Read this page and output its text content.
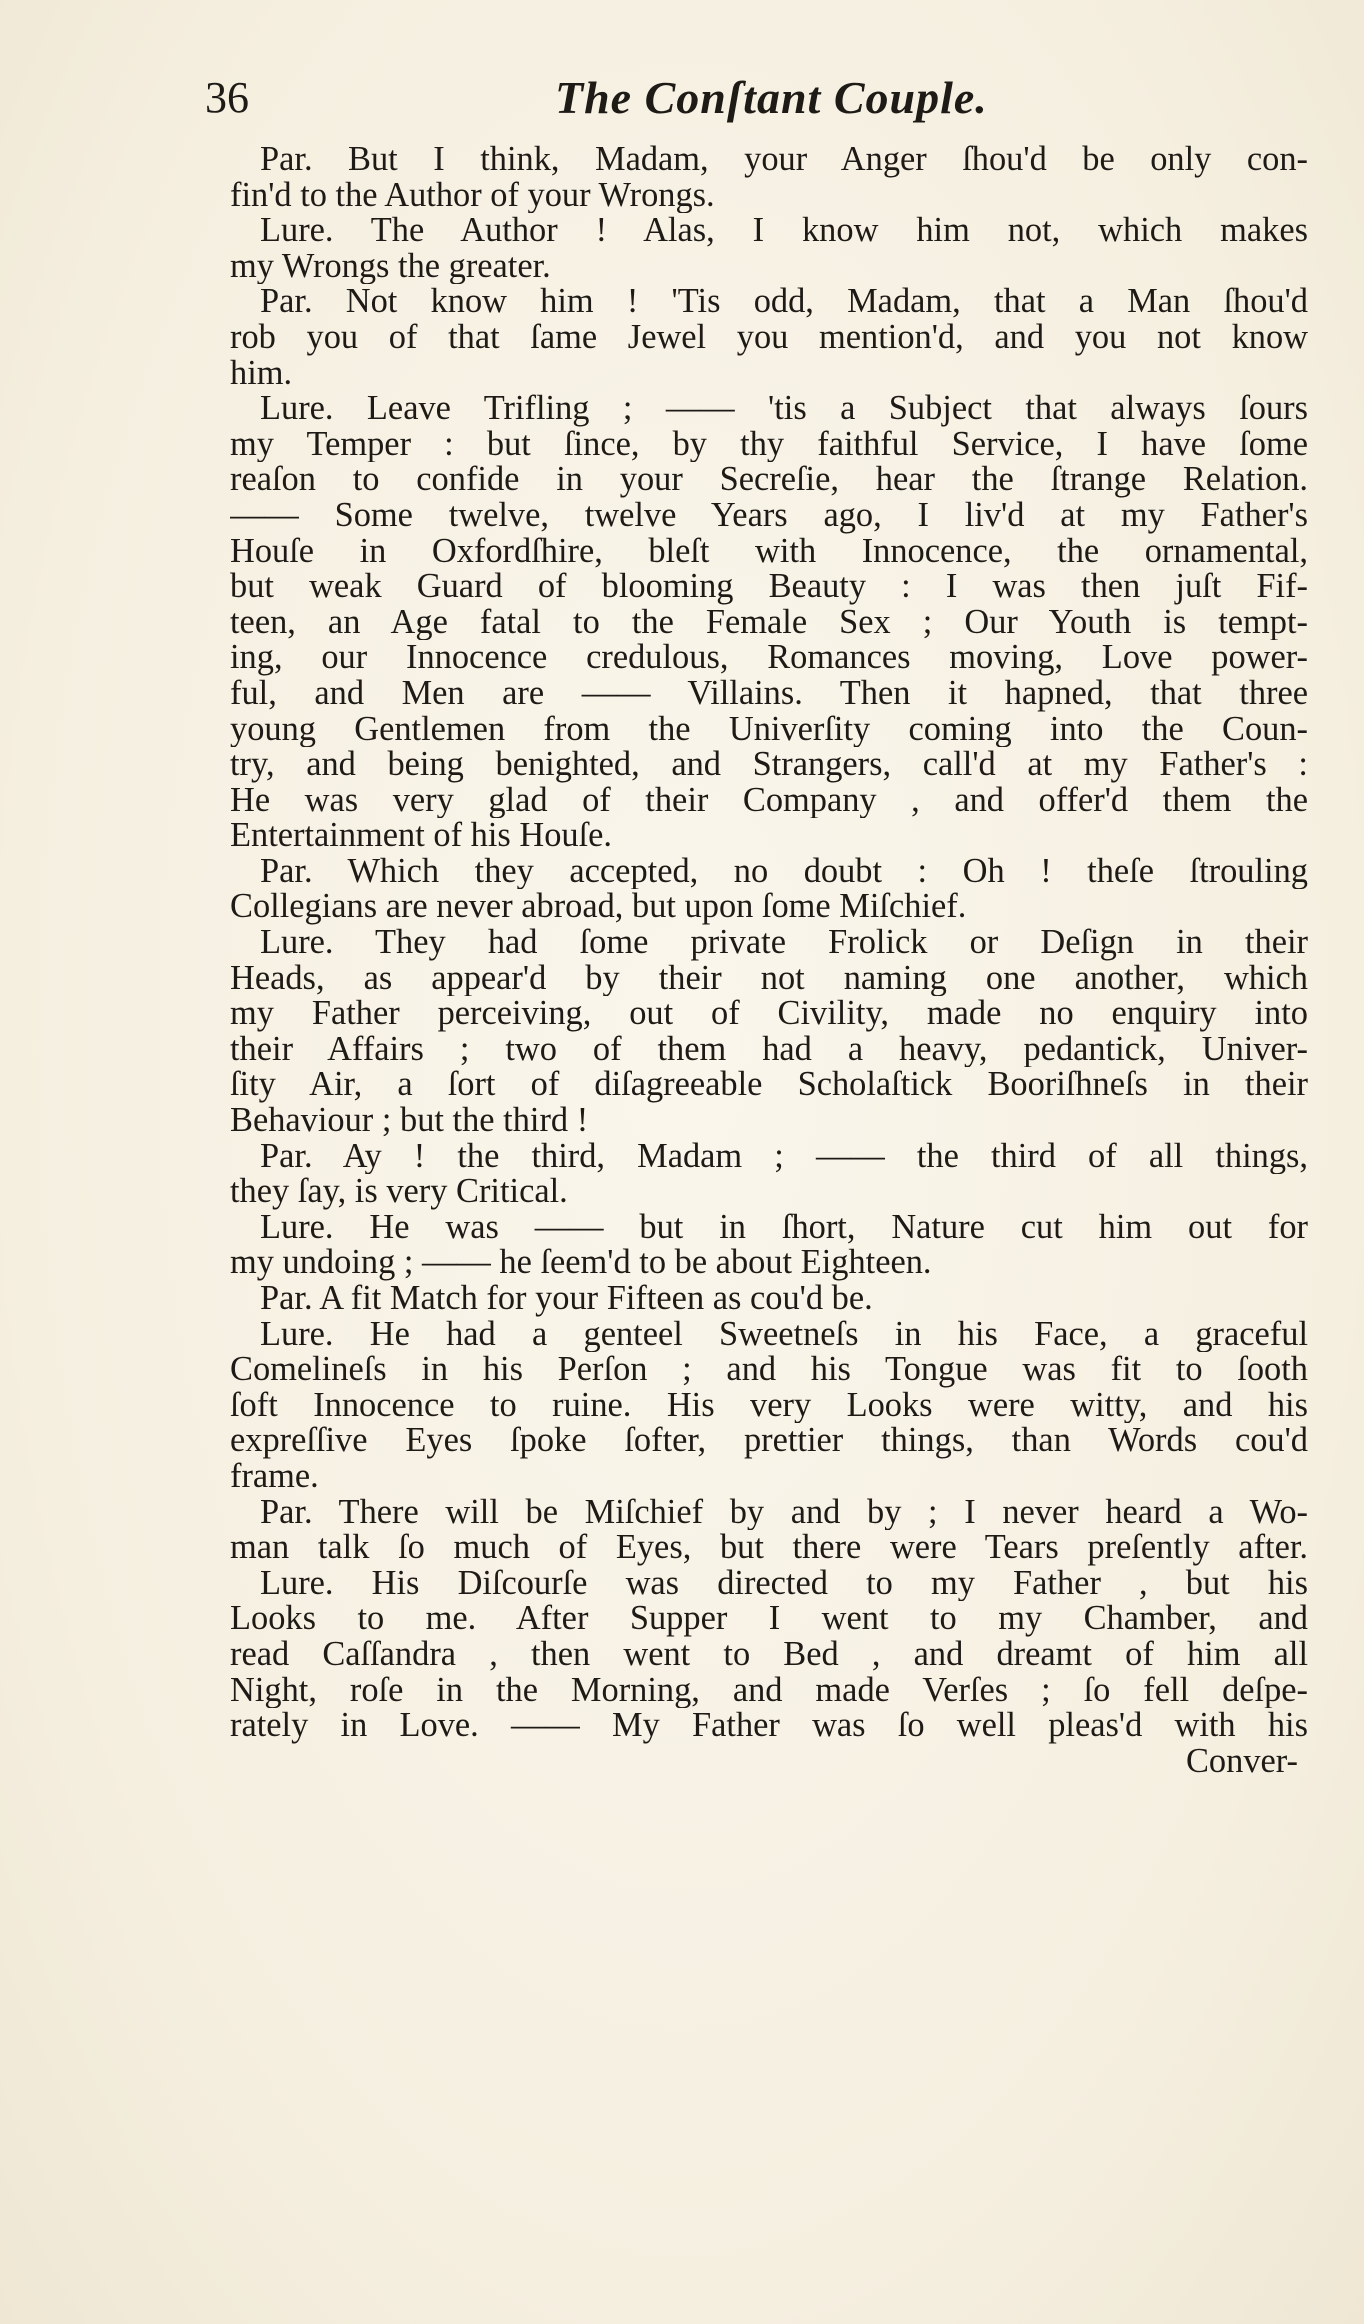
36	The Conſtant Couple.
Par. But I think, Madam, your Anger ſhou'd be only con-
fin'd to the Author of your Wrongs.
Lure. The Author ! Alas, I know him not, which makes
my Wrongs the greater.
Par. Not know him ! 'Tis odd, Madam, that a Man ſhou'd
rob you of that ſame Jewel you mention'd, and you not know
him.
Lure. Leave Trifling ; —— 'tis a Subject that always ſours
my Temper : but ſince, by thy faithful Service, I have ſome
reaſon to confide in your Secreſie, hear the ſtrange Relation.
—— Some twelve, twelve Years ago, I liv'd at my Father's
Houſe in Oxfordſhire, bleſt with Innocence, the ornamental,
but weak Guard of blooming Beauty : I was then juſt Fif-
teen, an Age fatal to the Female Sex ; Our Youth is tempt-
ing, our Innocence credulous, Romances moving, Love power-
ful, and Men are —— Villains. Then it hapned, that three
young Gentlemen from the Univerſity coming into the Coun-
try, and being benighted, and Strangers, call'd at my Father's :
He was very glad of their Company , and offer'd them the
Entertainment of his Houſe.
Par. Which they accepted, no doubt : Oh ! theſe ſtrouling
Collegians are never abroad, but upon ſome Miſchief.
Lure. They had ſome private Frolick or Deſign in their
Heads, as appear'd by their not naming one another, which
my Father perceiving, out of Civility, made no enquiry into
their Affairs ; two of them had a heavy, pedantick, Univer-
ſity Air, a ſort of diſagreeable Scholaſtick Booriſhneſs in their
Behaviour ; but the third !
Par. Ay ! the third, Madam ; —— the third of all things,
they ſay, is very Critical.
Lure. He was —— but in ſhort, Nature cut him out for
my undoing ; —— he ſeem'd to be about Eighteen.
Par. A fit Match for your Fifteen as cou'd be.
Lure. He had a genteel Sweetneſs in his Face, a graceful
Comelineſs in his Perſon ; and his Tongue was fit to ſooth
ſoft Innocence to ruine. His very Looks were witty, and his
expreſſive Eyes ſpoke ſofter, prettier things, than Words cou'd
frame.
Par. There will be Miſchief by and by ; I never heard a Wo-
man talk ſo much of Eyes, but there were Tears preſently after.
Lure. His Diſcourſe was directed to my Father , but his
Looks to me. After Supper I went to my Chamber, and
read Caſſandra , then went to Bed , and dreamt of him all
Night, roſe in the Morning, and made Verſes ; ſo fell deſpe-
rately in Love. —— My Father was ſo well pleas'd with his
Conver-
